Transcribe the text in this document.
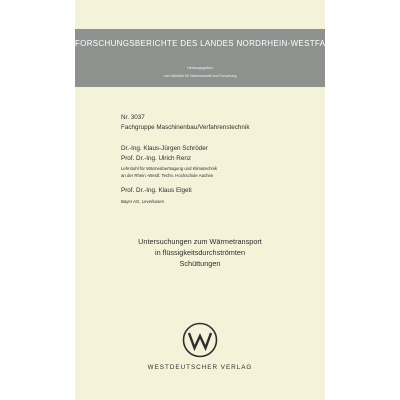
FORSCHUNGSBERICHTE DES LANDES NORDRHEIN-WESTFALEN
Herausgegeben
vom Minister für Wissenschaft und Forschung
Nr. 3037
Fachgruppe Maschinenbau/Verfahrenstechnik
Dr.-Ing. Klaus-Jürgen Schröder
Prof. Dr.-Ing. Ulrich Renz
Lehrstuhl für Wärmeübertragung und Klimatechnik
an der Rhein.-Westf. Techn. Hochschule Aachen
Prof. Dr.-Ing. Klaus Elgeti
Bayer AG, Leverkusen
Untersuchungen zum Wärmetransport
in flüssigkeitsdurchströmten
Schüttungen
WESTDEUTSCHER VERLAG
